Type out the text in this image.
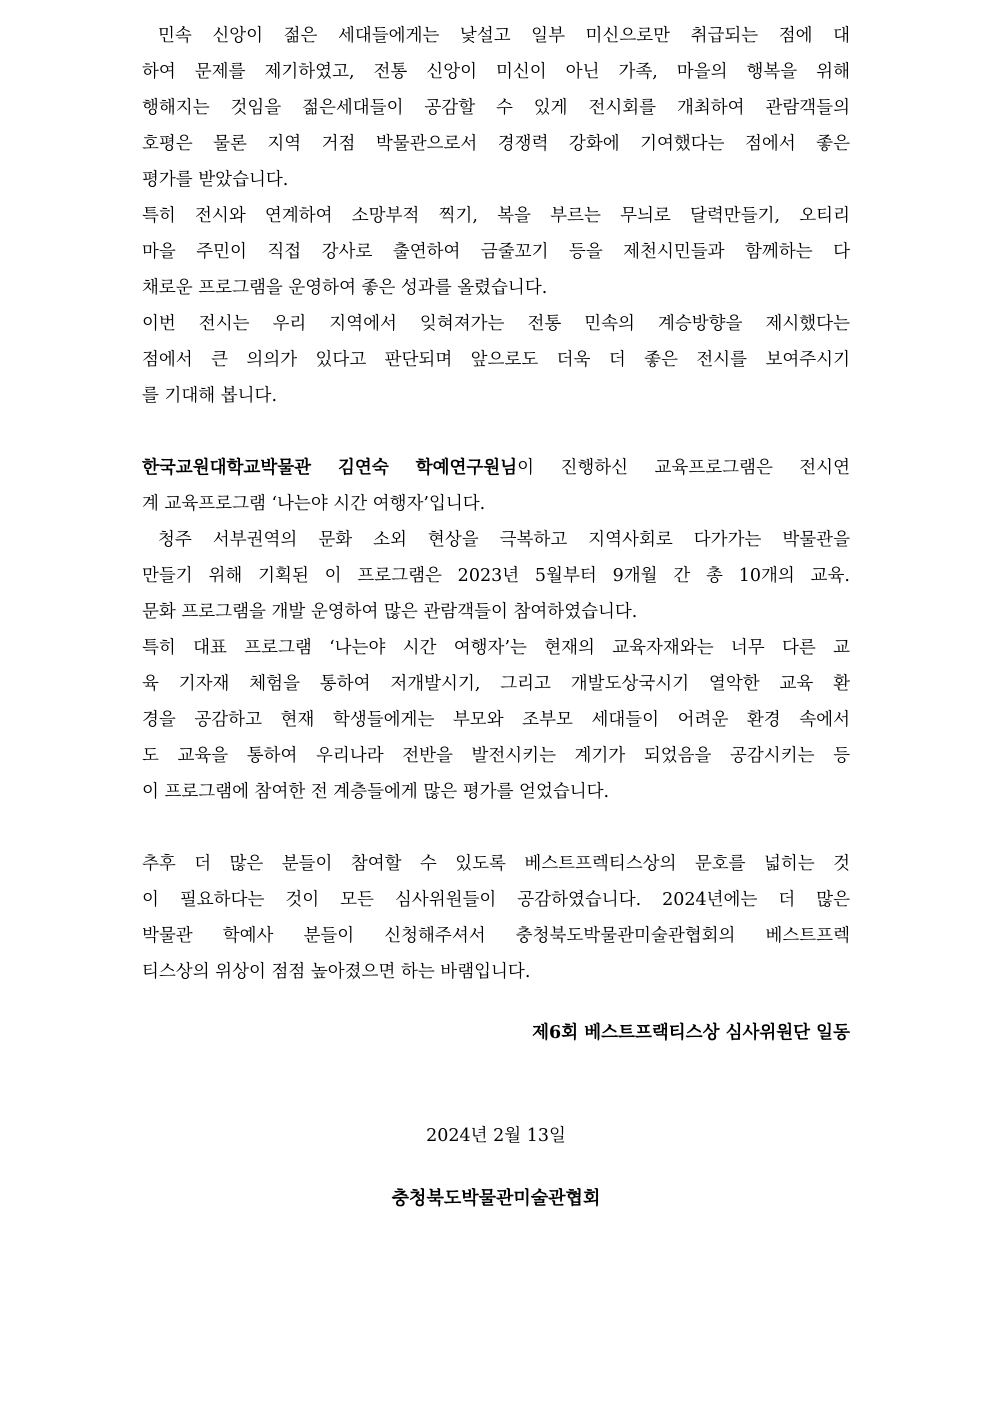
민속 신앙이 젊은 세대들에게는 낯설고 일부 미신으로만 취급되는 점에 대
하여 문제를 제기하였고, 전통 신앙이 미신이 아닌 가족, 마을의 행복을 위해
행해지는 것임을 젊은세대들이 공감할 수 있게 전시회를 개최하여 관람객들의
호평은 물론 지역 거점 박물관으로서 경쟁력 강화에 기여했다는 점에서 좋은
평가를 받았습니다.
특히 전시와 연계하여 소망부적 찍기, 복을 부르는 무늬로 달력만들기, 오티리
마을 주민이 직접 강사로 출연하여 금줄꼬기 등을 제천시민들과 함께하는 다
채로운 프로그램을 운영하여 좋은 성과를 올렸습니다.
이번 전시는 우리 지역에서 잊혀져가는 전통 민속의 계승방향을 제시했다는
점에서 큰 의의가 있다고 판단되며 앞으로도 더욱 더 좋은 전시를 보여주시기
를 기대해 봅니다.
한국교원대학교박물관 김연숙 학예연구원님이 진행하신 교육프로그램은 전시연
계 교육프로그램 ‘나는야 시간 여행자’입니다.
청주 서부권역의 문화 소외 현상을 극복하고 지역사회로 다가가는 박물관을
만들기 위해 기획된 이 프로그램은 2023년 5월부터 9개월 간 총 10개의 교육.
문화 프로그램을 개발 운영하여 많은 관람객들이 참여하였습니다.
특히 대표 프로그램 ‘나는야 시간 여행자’는 현재의 교육자재와는 너무 다른 교
육 기자재 체험을 통하여 저개발시기, 그리고 개발도상국시기 열악한 교육 환
경을 공감하고 현재 학생들에게는 부모와 조부모 세대들이 어려운 환경 속에서
도 교육을 통하여 우리나라 전반을 발전시키는 계기가 되었음을 공감시키는 등
이 프로그램에 참여한 전 계층들에게 많은 평가를 얻었습니다.
추후 더 많은 분들이 참여할 수 있도록 베스트프렉티스상의 문호를 넓히는 것
이 필요하다는 것이 모든 심사위원들이 공감하였습니다. 2024년에는 더 많은
박물관 학예사 분들이 신청해주셔서 충청북도박물관미술관협회의 베스트프렉
티스상의 위상이 점점 높아졌으면 하는 바램입니다.
제6회 베스트프랙티스상 심사위원단 일동
2024년 2월 13일
충청북도박물관미술관협회
